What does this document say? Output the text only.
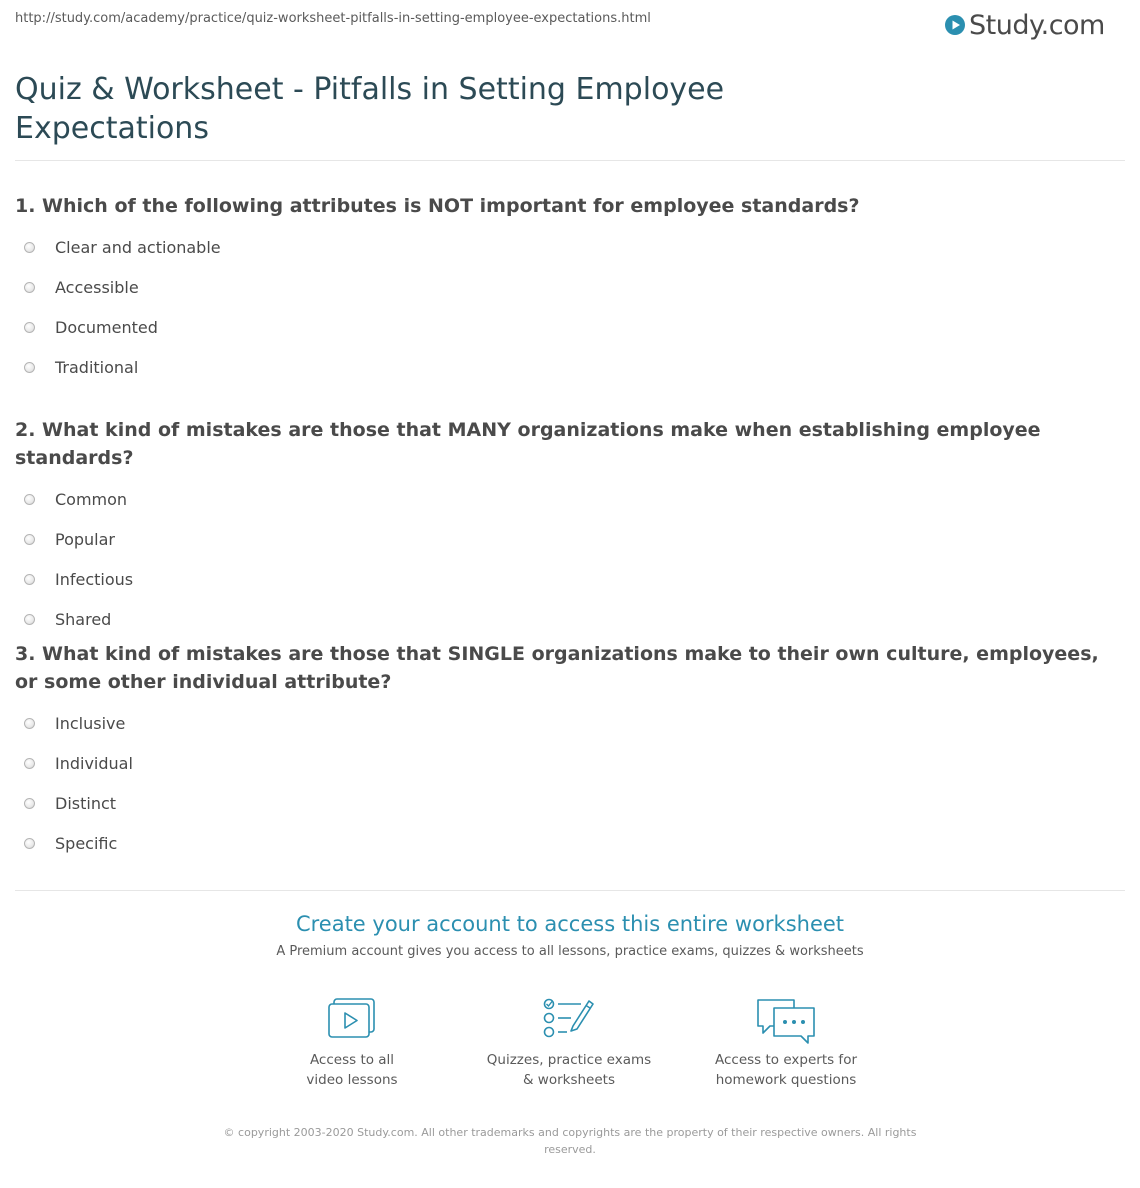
http://study.com/academy/practice/quiz-worksheet-pitfalls-in-setting-employee-expectations.html	Study.com
Quiz & Worksheet - Pitfalls in Setting Employee Expectations

1. Which of the following attributes is NOT important for employee standards?

Clear and actionable
Accessible
Documented
Traditional

2. What kind of mistakes are those that MANY organizations make when establishing employee standards?

Common
Popular
Infectious
Shared

3. What kind of mistakes are those that SINGLE organizations make to their own culture, employees, or some other individual attribute?

Inclusive
Individual
Distinct
Specific
Create your account to access this entire worksheet
A Premium account gives you access to all lessons, practice exams, quizzes & worksheets
Access to all
video lessons
Quizzes, practice exams
& worksheets
Access to experts for
homework questions
© copyright 2003-2020 Study.com. All other trademarks and copyrights are the property of their respective owners. All rights reserved.
